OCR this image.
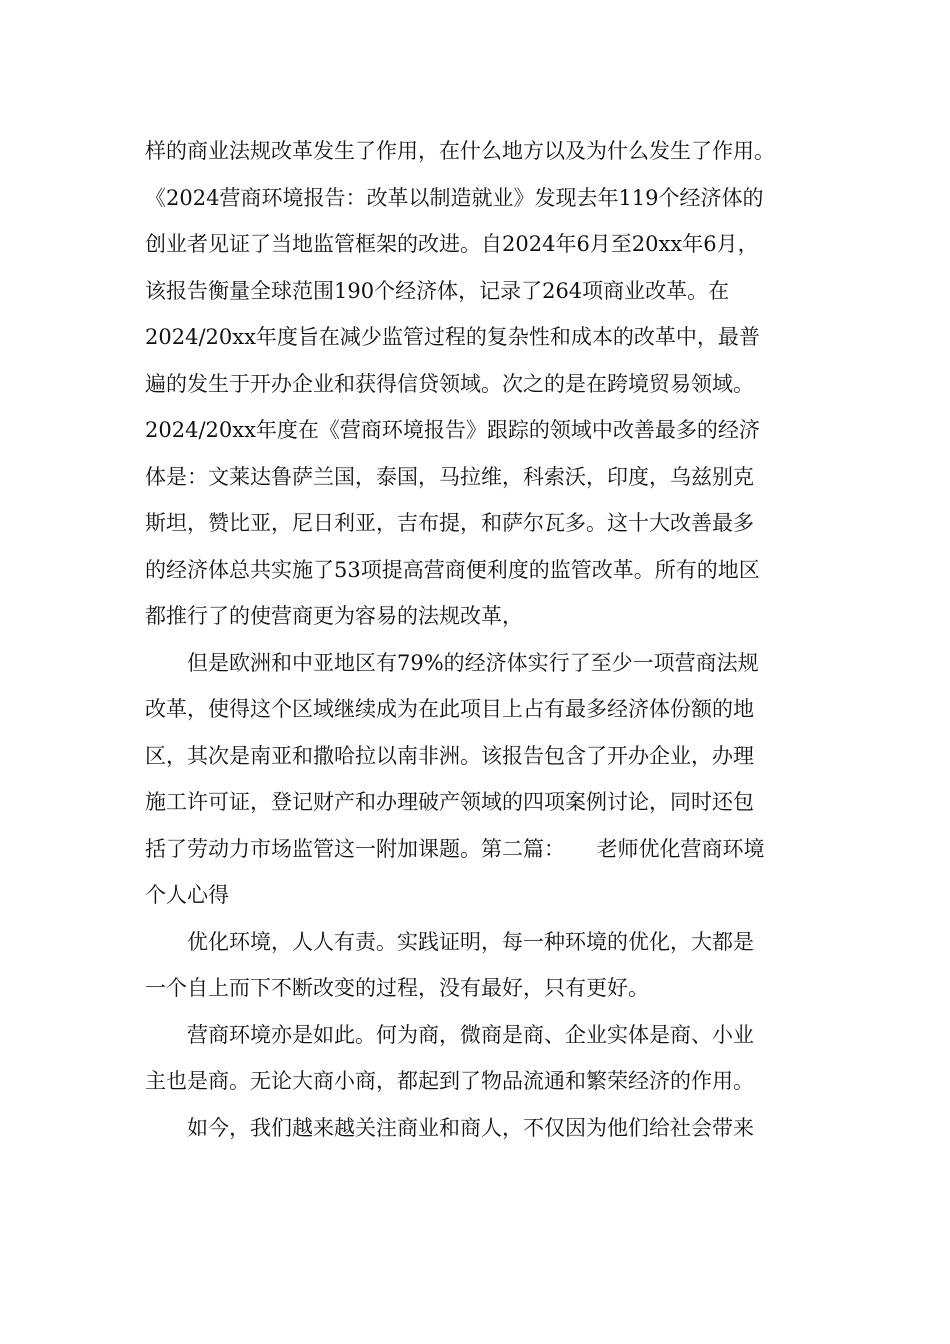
样的商业法规改革发生了作用，在什么地方以及为什么发生了作用。
《2024营商环境报告：改革以制造就业》发现去年119个经济体的
创业者见证了当地监管框架的改进。自2024年6月至20xx年6月，
该报告衡量全球范围190个经济体，记录了264项商业改革。在
2024/20xx年度旨在减少监管过程的复杂性和成本的改革中，最普
遍的发生于开办企业和获得信贷领域。次之的是在跨境贸易领域。
2024/20xx年度在《营商环境报告》跟踪的领域中改善最多的经济
体是：文莱达鲁萨兰国，泰国，马拉维，科索沃，印度，乌兹别克
斯坦，赞比亚，尼日利亚，吉布提，和萨尔瓦多。这十大改善最多
的经济体总共实施了53项提高营商便利度的监管改革。所有的地区
都推行了的使营商更为容易的法规改革，
　　但是欧洲和中亚地区有79%的经济体实行了至少一项营商法规
改革，使得这个区域继续成为在此项目上占有最多经济体份额的地
区，其次是南亚和撒哈拉以南非洲。该报告包含了开办企业，办理
施工许可证，登记财产和办理破产领域的四项案例讨论，同时还包
括了劳动力市场监管这一附加课题。第二篇：　　老师优化营商环境
个人心得
　　优化环境，人人有责。实践证明，每一种环境的优化，大都是
一个自上而下不断改变的过程，没有最好，只有更好。
　　营商环境亦是如此。何为商，微商是商、企业实体是商、小业
主也是商。无论大商小商，都起到了物品流通和繁荣经济的作用。
　　如今，我们越来越关注商业和商人，不仅因为他们给社会带来
